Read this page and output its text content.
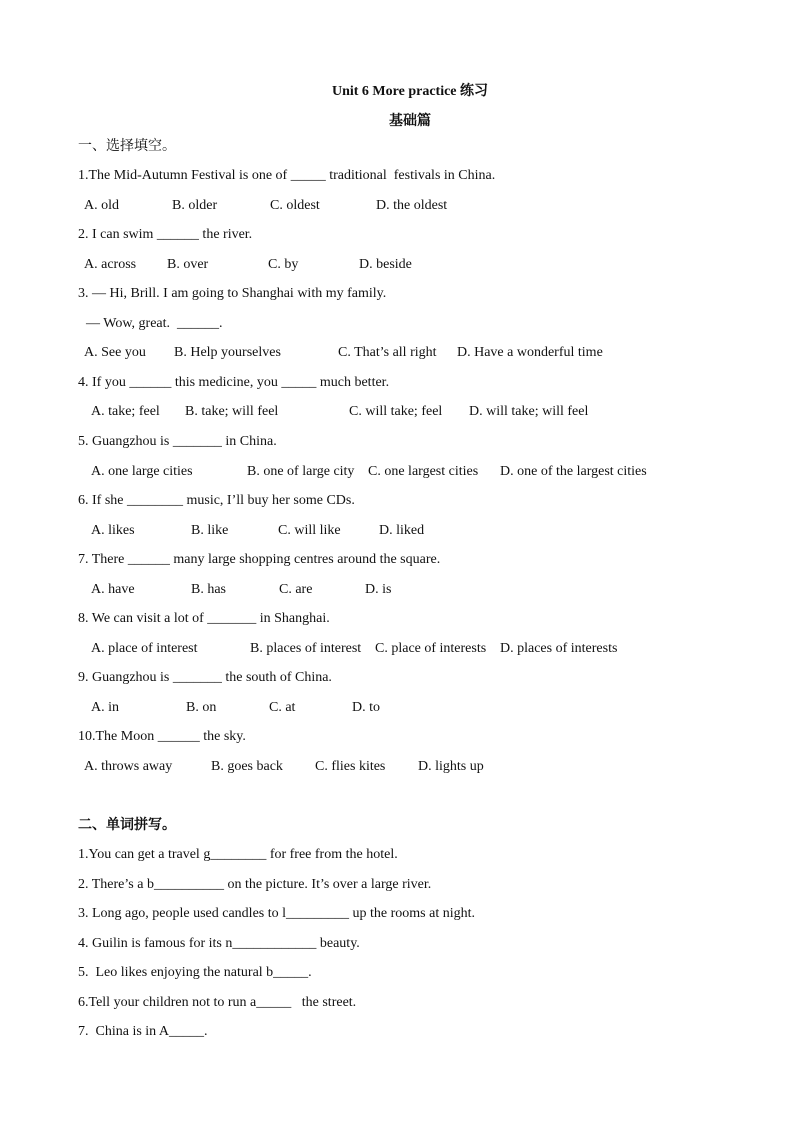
Unit 6 More practice 练习
基础篇
一、选择填空。
1.The Mid-Autumn Festival is one of _____ traditional  festivals in China.
A. old	B. older	C. oldest	D. the oldest
2. I can swim ______ the river.
A. across B. over	C. by	D. beside
3. — Hi, Brill. I am going to Shanghai with my family.
— Wow, great.  ______.
A. See you B. Help yourselves	C. That’s all right D. Have a wonderful time
4. If you ______ this medicine, you _____ much better.
A. take; feel B. take; will feel	C. will take; feel D. will take; will feel
5. Guangzhou is _______ in China.
A. one large cities	B. one of large city C. one largest cities D. one of the largest cities
6. If she ________ music, I’ll buy her some CDs.
A. likes	B. like	C. will like	D. liked
7. There ______ many large shopping centres around the square.
A. have	B. has	C. are	D. is
8. We can visit a lot of _______ in Shanghai.
A. place of interest	B. places of interest C. place of interests D. places of interests
9. Guangzhou is _______ the south of China.
A. in	B. on	C. at	D. to
10.The Moon ______ the sky.
A. throws away	B. goes back C. flies kites D. lights up
二、单词拼写。
1.You can get a travel g________ for free from the hotel.
2. There’s a b__________ on the picture. It’s over a large river.
3. Long ago, people used candles to l_________ up the rooms at night.
4. Guilin is famous for its n____________ beauty.
5.  Leo likes enjoying the natural b_____.
6.Tell your children not to run a_____   the street.
7.  China is in A_____.
